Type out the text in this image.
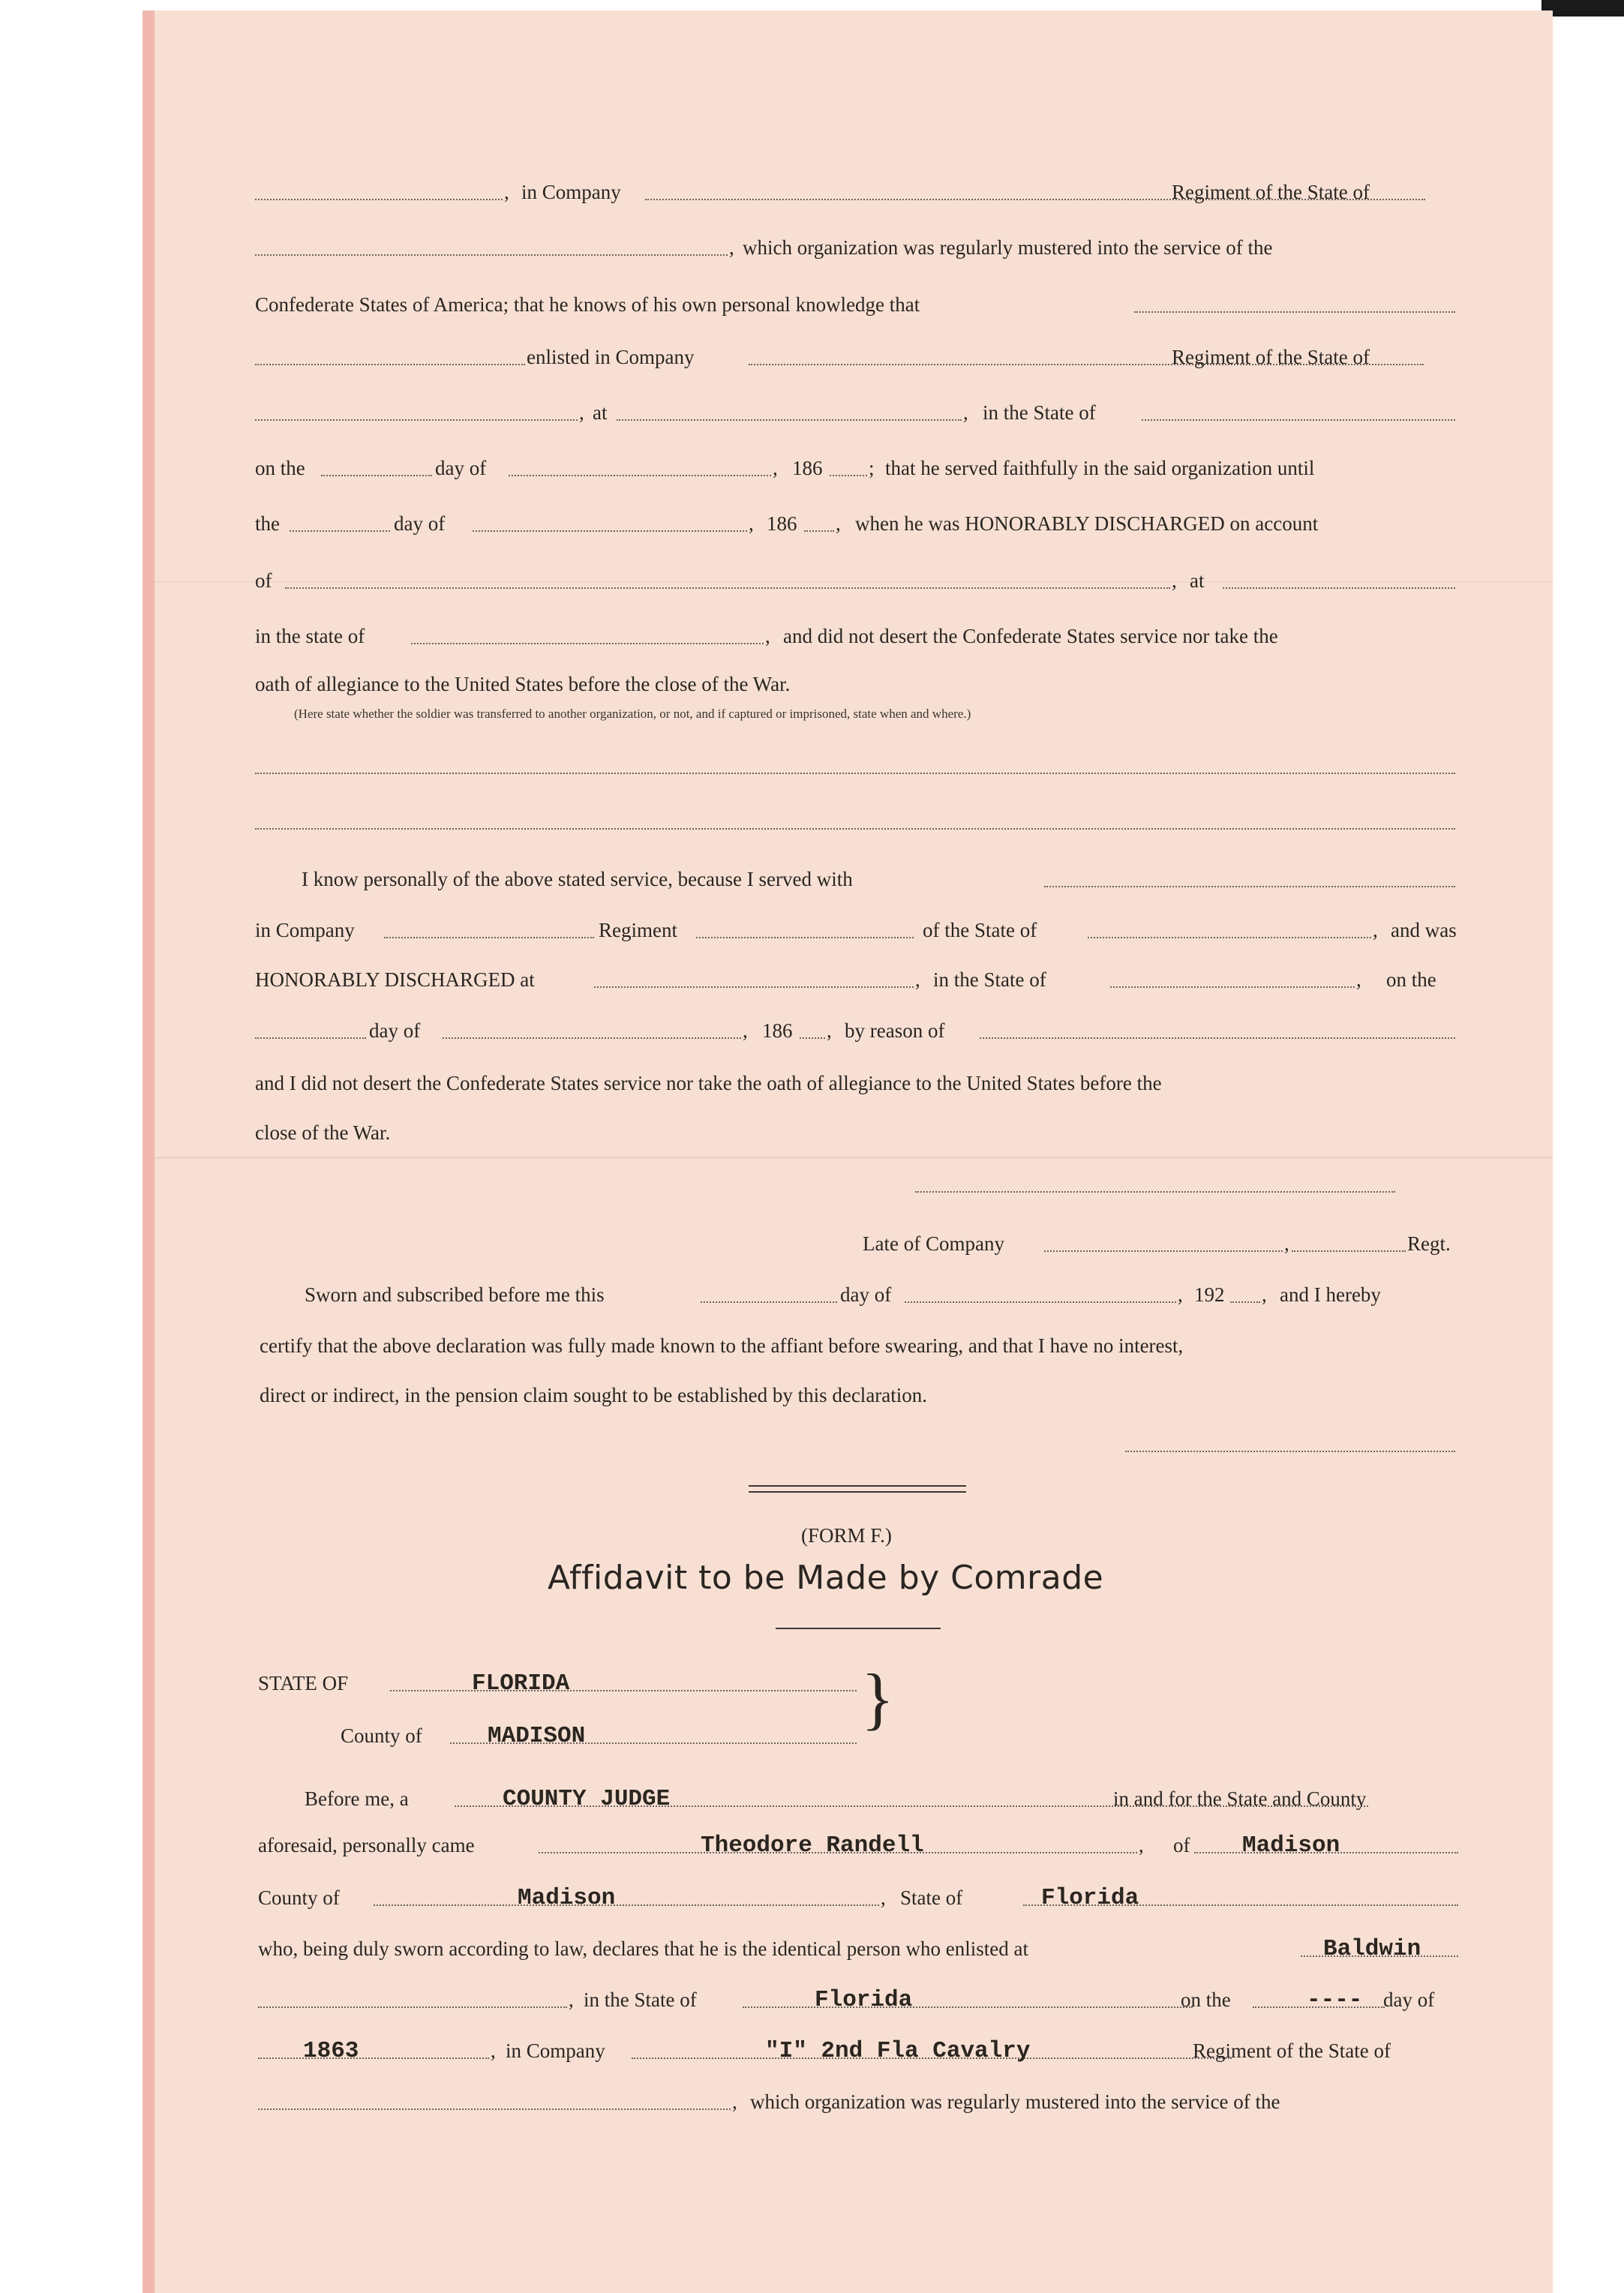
, in Company	Regiment of the State of
, which organization was regularly mustered into the service of the
Confederate States of America; that he knows of his own personal knowledge that
enlisted in Company	Regiment of the State of
, at	, in the State of
on the	day of	, 186 ; that he served faithfully in the said organization until
the	day of	, 186 , when he was HONORABLY DISCHARGED on account
of	, at
in the state of	, and did not desert the Confederate States service nor take the
oath of allegiance to the United States before the close of the War.
(Here state whether the soldier was transferred to another organization, or not, and if captured or imprisoned, state when and where.)
I know personally of the above stated service, because I served with
in Company	Regiment	of the State of	, and was
HONORABLY DISCHARGED at	, in the State of	, on the
day of	, 186 , by reason of
and I did not desert the Confederate States service nor take the oath of allegiance to the United States before the
close of the War.
Late of Company	,	Regt.
Sworn and subscribed before me this	day of	, 192 , and I hereby
certify that the above declaration was fully made known to the affiant before swearing, and that I have no interest,
direct or indirect, in the pension claim sought to be established by this declaration.
(FORM F.)
Affidavit to be Made by Comrade
STATE OF	FLORIDA
County of	MADISON	}
Before me, a	COUNTY JUDGE	in and for the State and County
aforesaid, personally came	,
Theodore Randell	of Madison
County of	,
Madison	State of	Florida
who, being duly sworn according to law, declares that he is the identical person who enlisted at	Baldwin
, in the State of	Florida	on the	---- day of
,
1863	in Company	"I" 2nd Fla Cavalry	Regiment of the State of
, which organization was regularly mustered into the service of the
